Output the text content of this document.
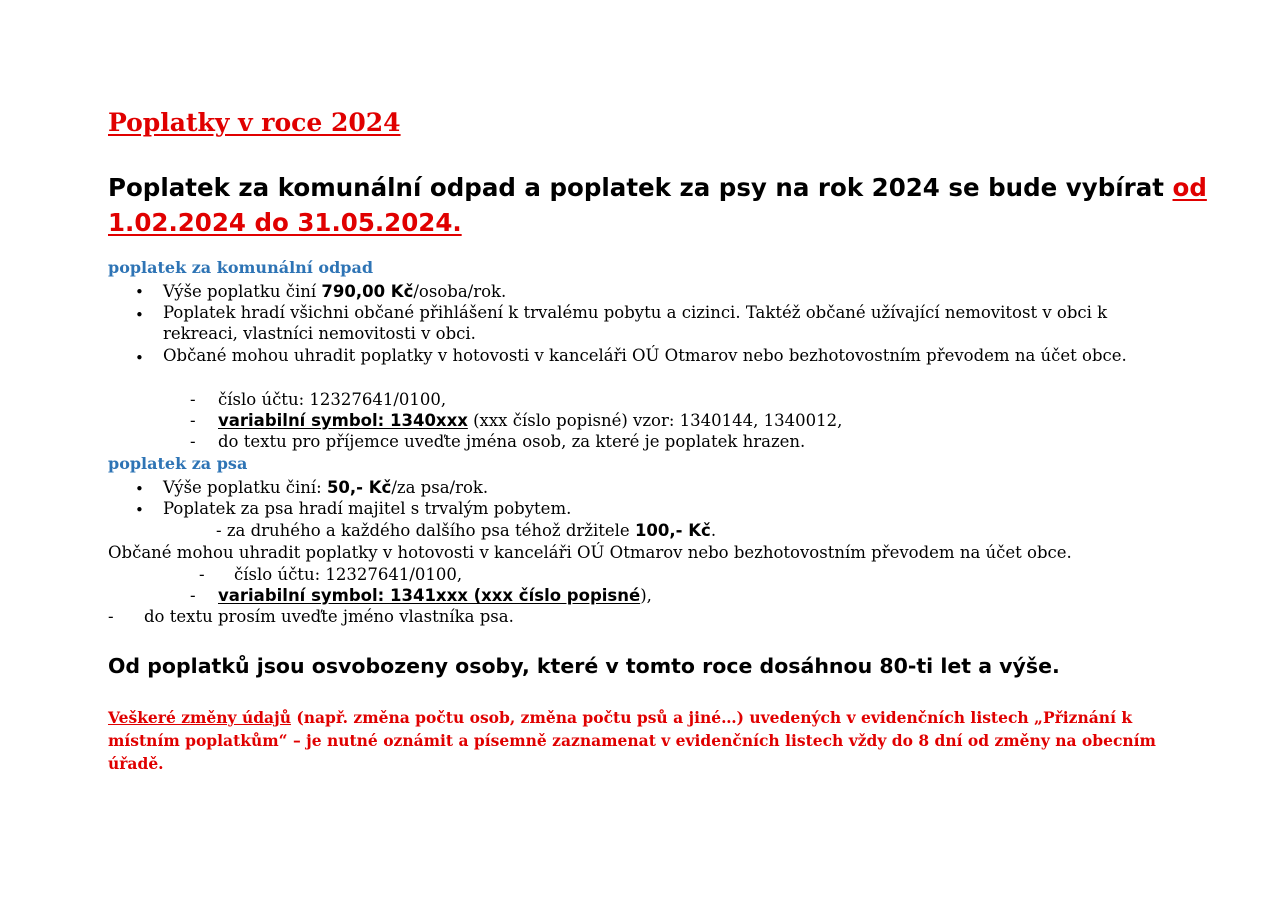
Poplatky v roce 2024
Poplatek za komunální odpad a poplatek za psy na rok 2024 se bude vybírat od 1.02.2024 do 31.05.2024.
poplatek za komunální odpad
• Výše poplatku činí 790,00 Kč/osoba/rok.
• Poplatek hradí všichni občané přihlášení k trvalému pobytu a cizinci. Taktéž občané užívající nemovitost v obci k rekreaci, vlastníci nemovitosti v obci.
• Občané mohou uhradit poplatky v hotovosti v kanceláři OÚ Otmarov nebo bezhotovostním převodem na účet obce.
- číslo účtu: 12327641/0100,
- variabilní symbol: 1340xxx (xxx číslo popisné) vzor: 1340144, 1340012,
- do textu pro příjemce uveďte jména osob, za které je poplatek hrazen.
poplatek za psa
• Výše poplatku činí: 50,- Kč/za psa/rok.
• Poplatek za psa hradí majitel s trvalým pobytem.
- za druhého a každého dalšího psa téhož držitele 100,- Kč.
Občané mohou uhradit poplatky v hotovosti v kanceláři OÚ Otmarov nebo bezhotovostním převodem na účet obce.
- číslo účtu: 12327641/0100,
- variabilní symbol: 1341xxx (xxx číslo popisné),
- do textu prosím uveďte jméno vlastníka psa.
Od poplatků jsou osvobozeny osoby, které v tomto roce dosáhnou 80-ti let a výše.
Veškeré změny údajů (např. změna počtu osob, změna počtu psů a jiné…) uvedených v evidenčních listech „Přiznání k místním poplatkům“ – je nutné oznámit a písemně zaznamenat v evidenčních listech vždy do 8 dní od změny na obecním úřadě.
